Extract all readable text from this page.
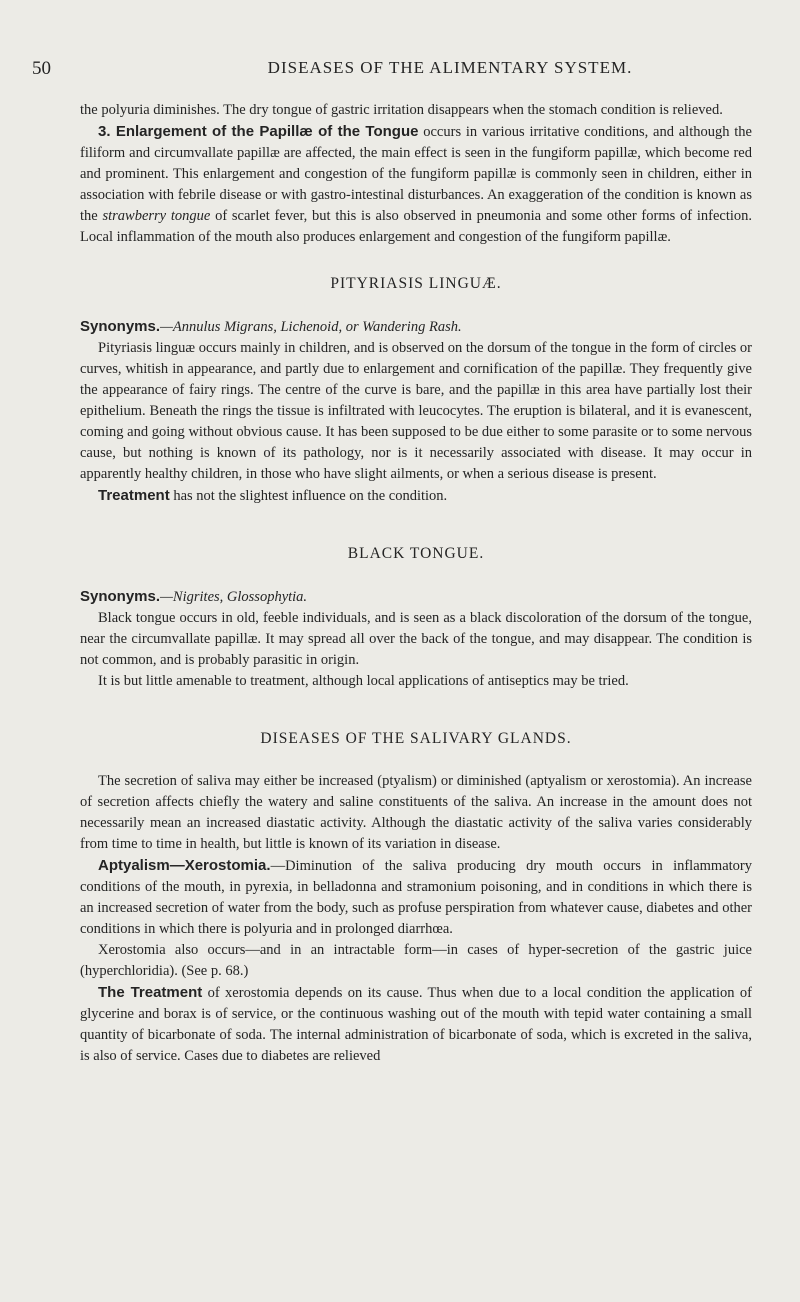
50	DISEASES OF THE ALIMENTARY SYSTEM.

the polyuria diminishes. The dry tongue of gastric irritation disappears when the stomach condition is relieved.

3. Enlargement of the Papillæ of the Tongue occurs in various irritative conditions, and although the filiform and circumvallate papillæ are affected, the main effect is seen in the fungiform papillæ, which become red and prominent. This enlargement and congestion of the fungiform papillæ is commonly seen in children, either in association with febrile disease or with gastro-intestinal disturbances. An exaggeration of the condition is known as the strawberry tongue of scarlet fever, but this is also observed in pneumonia and some other forms of infection. Local inflammation of the mouth also produces enlargement and congestion of the fungiform papillæ.

PITYRIASIS LINGUÆ.

Synonyms.—Annulus Migrans, Lichenoid, or Wandering Rash.

Pityriasis linguæ occurs mainly in children, and is observed on the dorsum of the tongue in the form of circles or curves, whitish in appearance, and partly due to enlargement and cornification of the papillæ. They frequently give the appearance of fairy rings. The centre of the curve is bare, and the papillæ in this area have partially lost their epithelium. Beneath the rings the tissue is infiltrated with leucocytes. The eruption is bilateral, and it is evanescent, coming and going without obvious cause. It has been supposed to be due either to some parasite or to some nervous cause, but nothing is known of its pathology, nor is it necessarily associated with disease. It may occur in apparently healthy children, in those who have slight ailments, or when a serious disease is present.

Treatment has not the slightest influence on the condition.

BLACK TONGUE.

Synonyms.—Nigrites, Glossophytia.

Black tongue occurs in old, feeble individuals, and is seen as a black discoloration of the dorsum of the tongue, near the circumvallate papillæ. It may spread all over the back of the tongue, and may disappear. The condition is not common, and is probably parasitic in origin.

It is but little amenable to treatment, although local applications of antiseptics may be tried.

DISEASES OF THE SALIVARY GLANDS.

The secretion of saliva may either be increased (ptyalism) or diminished (aptyalism or xerostomia). An increase of secretion affects chiefly the watery and saline constituents of the saliva. An increase in the amount does not necessarily mean an increased diastatic activity. Although the diastatic activity of the saliva varies considerably from time to time in health, but little is known of its variation in disease.

Aptyalism—Xerostomia.—Diminution of the saliva producing dry mouth occurs in inflammatory conditions of the mouth, in pyrexia, in belladonna and stramonium poisoning, and in conditions in which there is an increased secretion of water from the body, such as profuse perspiration from whatever cause, diabetes and other conditions in which there is polyuria and in prolonged diarrhœa.

Xerostomia also occurs—and in an intractable form—in cases of hyper-secretion of the gastric juice (hyperchloridia). (See p. 68.)

The Treatment of xerostomia depends on its cause. Thus when due to a local condition the application of glycerine and borax is of service, or the continuous washing out of the mouth with tepid water containing a small quantity of bicarbonate of soda. The internal administration of bicarbonate of soda, which is excreted in the saliva, is also of service. Cases due to diabetes are relieved
